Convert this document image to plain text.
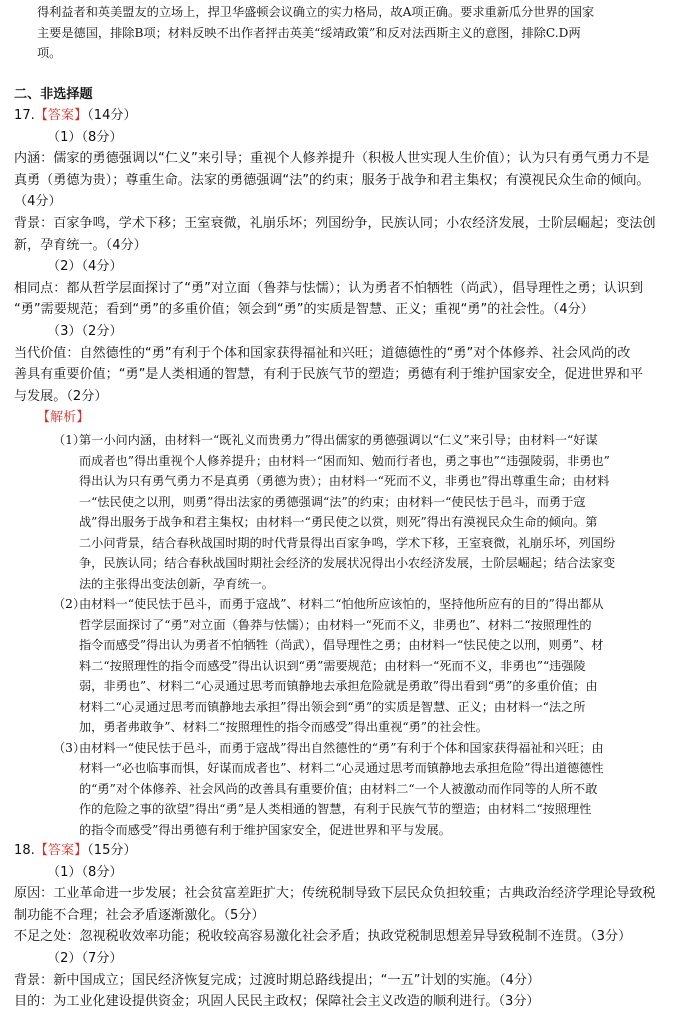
得利益者和英美盟友的立场上，捍卫华盛顿会议确立的实力格局，故A项正确。要求重新瓜分世界的国家

主要是德国，排除B项；材料反映不出作者抨击英美“绥靖政策”和反对法西斯主义的意图，排除C.D两

项。

二、非选择题

17.【答案】（14分）

（1）（8分）

内涵：儒家的勇德强调以“仁义”来引导；重视个人修养提升（积极人世实现人生价值）；认为只有勇气勇力不是

真勇（勇德为贵）；尊重生命。法家的勇德强调“法”的约束；服务于战争和君主集权；有漠视民众生命的倾向。

（4分）

背景：百家争鸣，学术下移；王室衰微，礼崩乐坏；列国纷争，民族认同；小农经济发展，士阶层崛起；变法创

新，孕育统一。（4分）

（2）（4分）

相同点：都从哲学层面探讨了“勇”对立面（鲁莽与怯懦）；认为勇者不怕牺牲（尚武），倡导理性之勇；认识到

“勇”需要规范；看到“勇”的多重价值；领会到“勇”的实质是智慧、正义；重视“勇”的社会性。（4分）

（3）（2分）

当代价值：自然德性的“勇”有利于个体和国家获得福祉和兴旺；道德德性的“勇”对个体修养、社会风尚的改

善具有重要价值；“勇”是人类相通的智慧，有利于民族气节的塑造；勇德有利于维护国家安全，促进世界和平

与发展。（2分）

【解析】

（1）

第一小问内涵，由材料一“既礼义而贵勇力”得出儒家的勇德强调以“仁义”来引导；由材料一“好谋

而成者也”得出重视个人修养提升；由材料一“困而知、勉而行者也，勇之事也”“违强陵弱，非勇也”

得出认为只有勇气勇力不是真勇（勇德为贵）；由材料一“死而不义，非勇也”得出尊重生命；由材料

一“怯民使之以刑，则勇”得出法家的勇德强调“法”的约束；由材料一“使民怯于邑斗，而勇于寇

战”得出服务于战争和君主集权；由材料一“勇民使之以赏，则死”得出有漠视民众生命的倾向。第

二小问背景，结合春秋战国时期的时代背景得出百家争鸣，学术下移，王室衰微，礼崩乐坏，列国纷

争，民族认同；结合春秋战国时期社会经济的发展状况得出小农经济发展，士阶层崛起；结合法家变

法的主张得出变法创新，孕育统一。

（2）

由材料一“使民怯于邑斗，而勇于寇战”、材料二“怕他所应该怕的，坚持他所应有的目的”得出都从

哲学层面探讨了“勇”对立面（鲁莽与怯懦）；由材料一“死而不义，非勇也”、材料二“按照理性的

指令而感受”得出认为勇者不怕牺牲（尚武），倡导理性之勇；由材料一“怯民使之以刑，则勇”、材

料二“按照理性的指令而感受”得出认识到“勇”需要规范；由材料一“死而不义，非勇也”“违强陵

弱，非勇也”、材料二“心灵通过思考而镇静地去承担危险就是勇敢”得出看到“勇”的多重价值；由

材料二“心灵通过思考而镇静地去承担”得出领会到“勇”的实质是智慧、正义；由材料一“法之所

加，勇者弗敢争”、材料二“按照理性的指令而感受”得出重视“勇”的社会性。

（3）

由材料一“使民怯于邑斗，而勇于寇战”得出自然德性的“勇”有利于个体和国家获得福祉和兴旺；由

材料一“必也临事而惧，好谋而成者也”、材料二“心灵通过思考而镇静地去承担危险”得出道德德性

的“勇”对个体修养、社会风尚的改善具有重要价值；由材料二“一个人被激动而作同等的人所不敢

作的危险之事的欲望”得出“勇”是人类相通的智慧，有利于民族气节的塑造；由材料二“按照理性

的指令而感受”得出勇德有利于维护国家安全，促进世界和平与发展。

18.【答案】（15分）

（1）（8分）

原因：工业革命进一步发展；社会贫富差距扩大；传统税制导致下层民众负担较重；古典政治经济学理论导致税

制功能不合理；社会矛盾逐渐激化。（5分）

不足之处：忽视税收效率功能；税收较高容易激化社会矛盾；执政党税制思想差异导致税制不连贯。（3分）

（2）（7分）

背景：新中国成立；国民经济恢复完成；过渡时期总路线提出；“一五”计划的实施。（4分）

目的：为工业化建设提供资金；巩固人民民主政权；保障社会主义改造的顺利进行。（3分）
